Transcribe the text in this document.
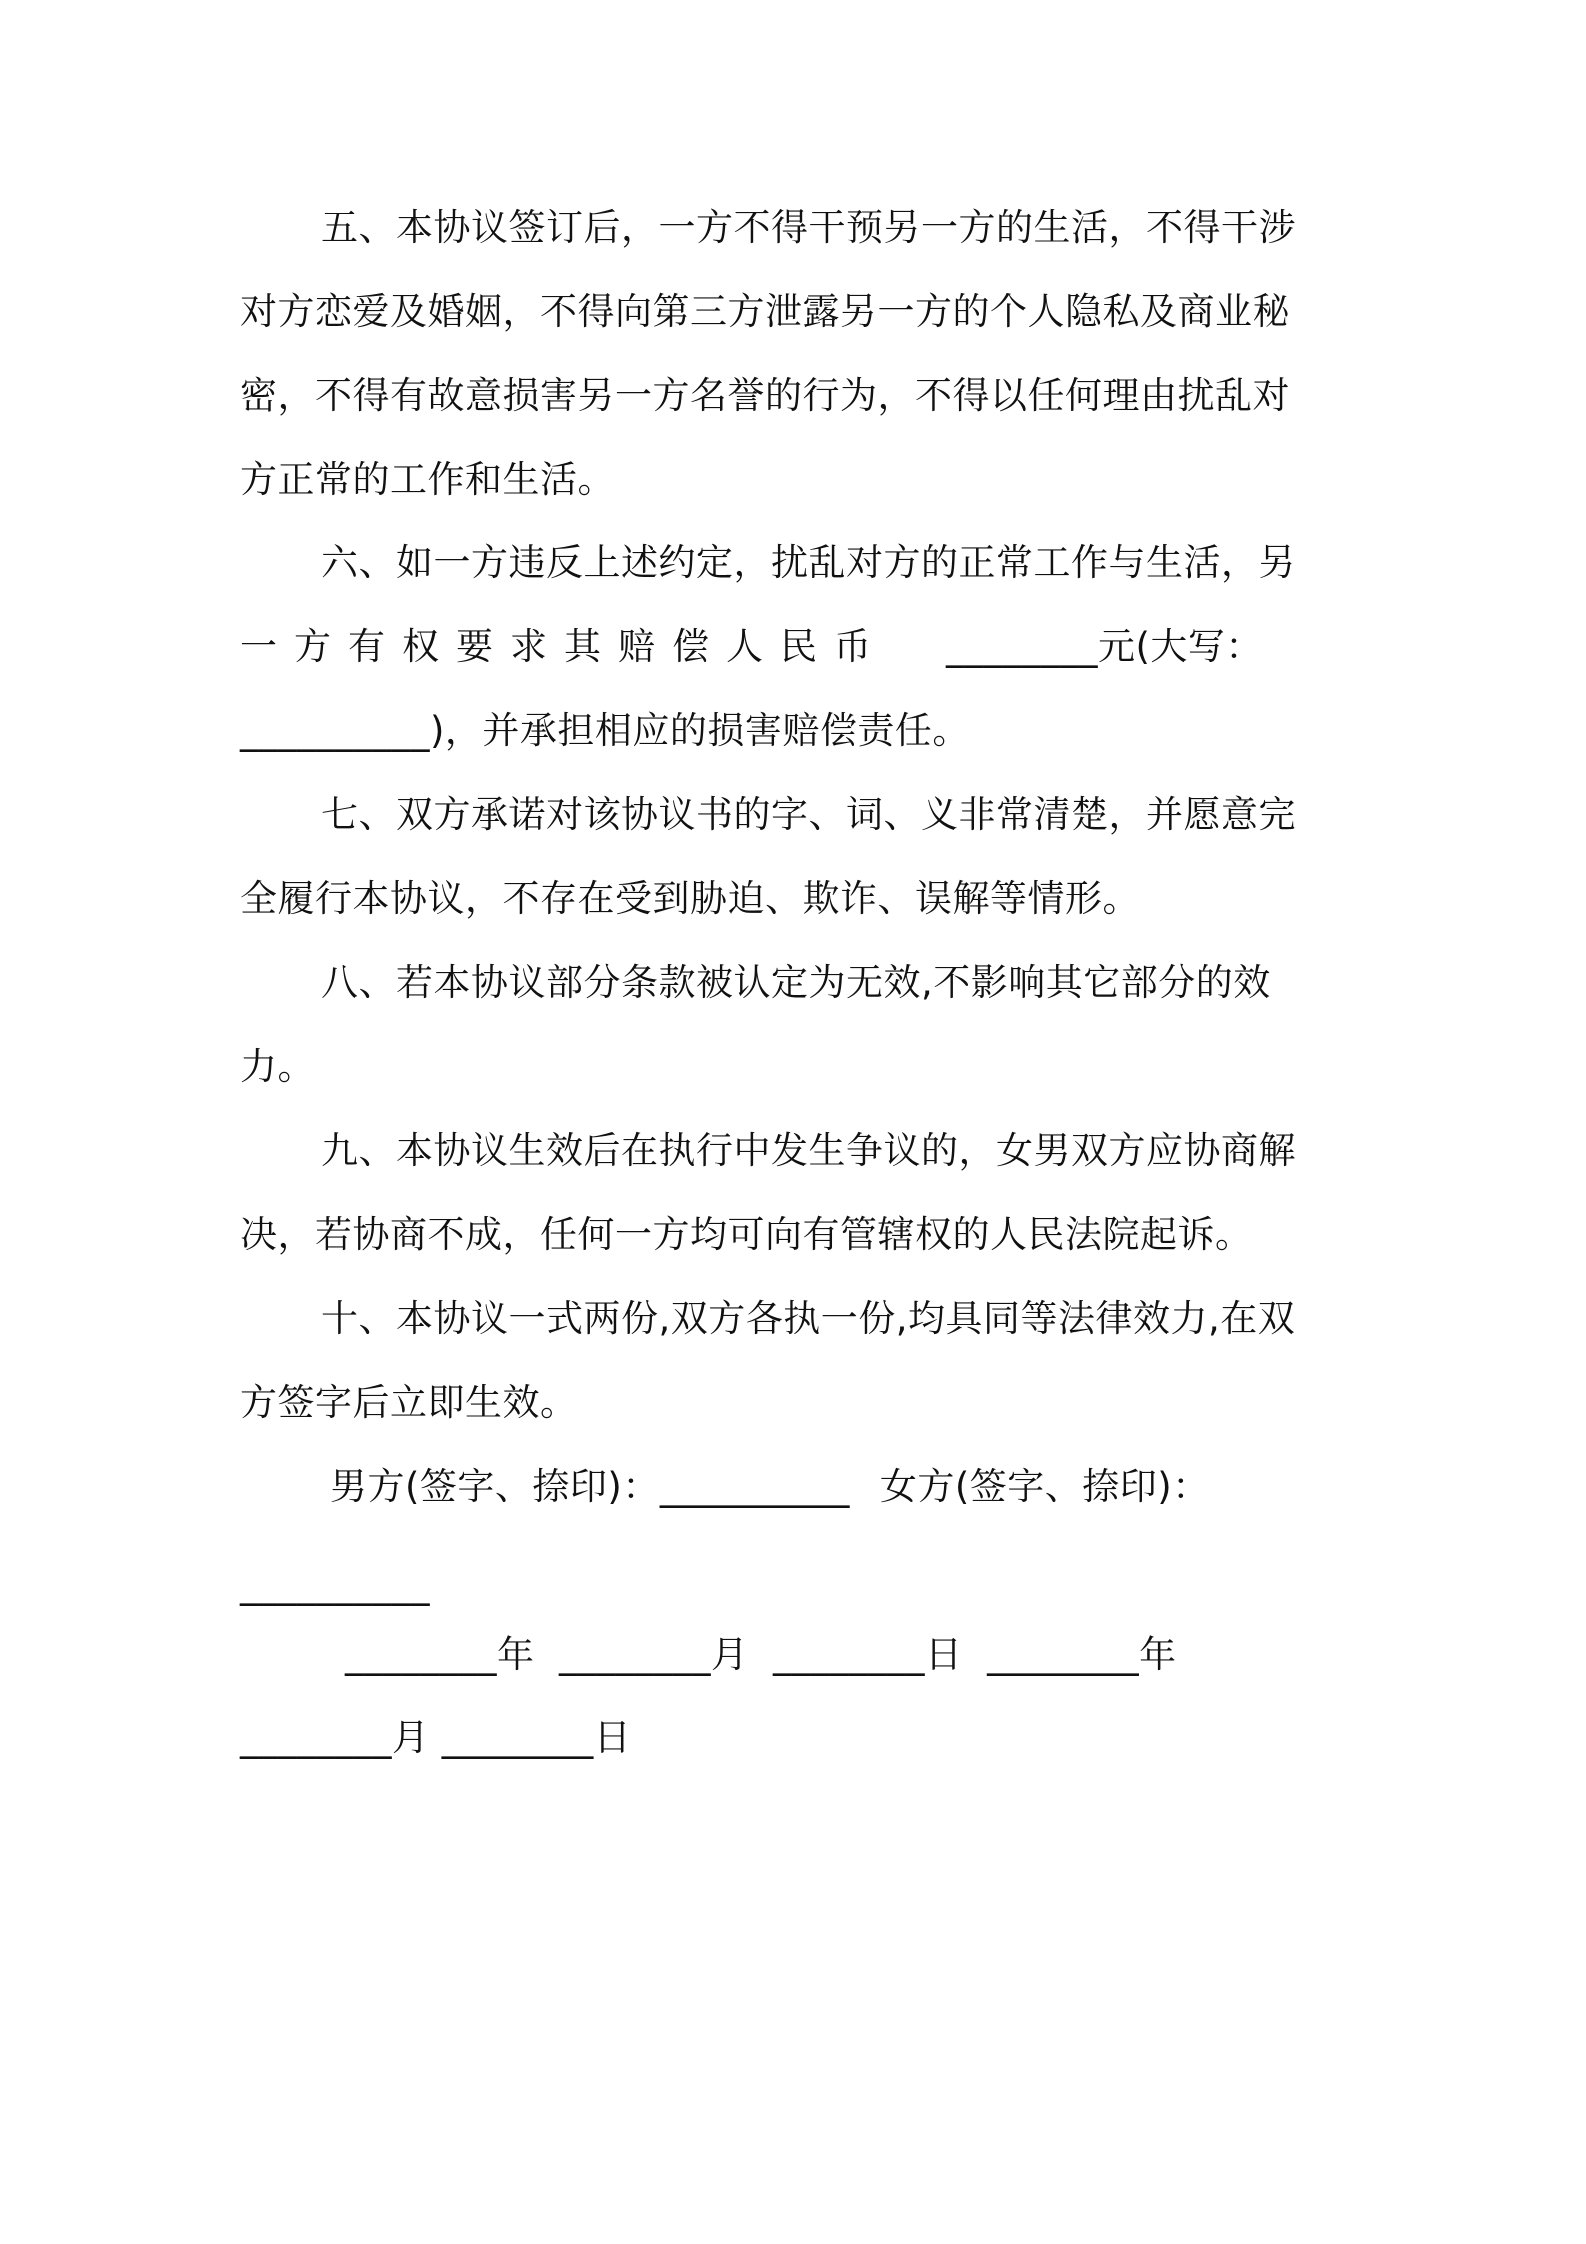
五、本协议签订后，一方不得干预另一方的生活，不得干涉
对方恋爱及婚姻，不得向第三方泄露另一方的个人隐私及商业秘
密，不得有故意损害另一方名誉的行为，不得以任何理由扰乱对
方正常的工作和生活。
六、如一方违反上述约定，扰乱对方的正常工作与生活，另
一方有权要求其赔偿人民币 ________元(大写：
__________)，并承担相应的损害赔偿责任。
七、双方承诺对该协议书的字、词、义非常清楚，并愿意完
全履行本协议，不存在受到胁迫、欺诈、误解等情形。
八、若本协议部分条款被认定为无效,不影响其它部分的效
力。
九、本协议生效后在执行中发生争议的，女男双方应协商解
决，若协商不成，任何一方均可向有管辖权的人民法院起诉。
十、本协议一式两份,双方各执一份,均具同等法律效力,在双
方签字后立即生效。
男方(签字、捺印)：__________ 女方(签字、捺印)：
__________
________年  ________月  ________日  ________年
________月 ________日
